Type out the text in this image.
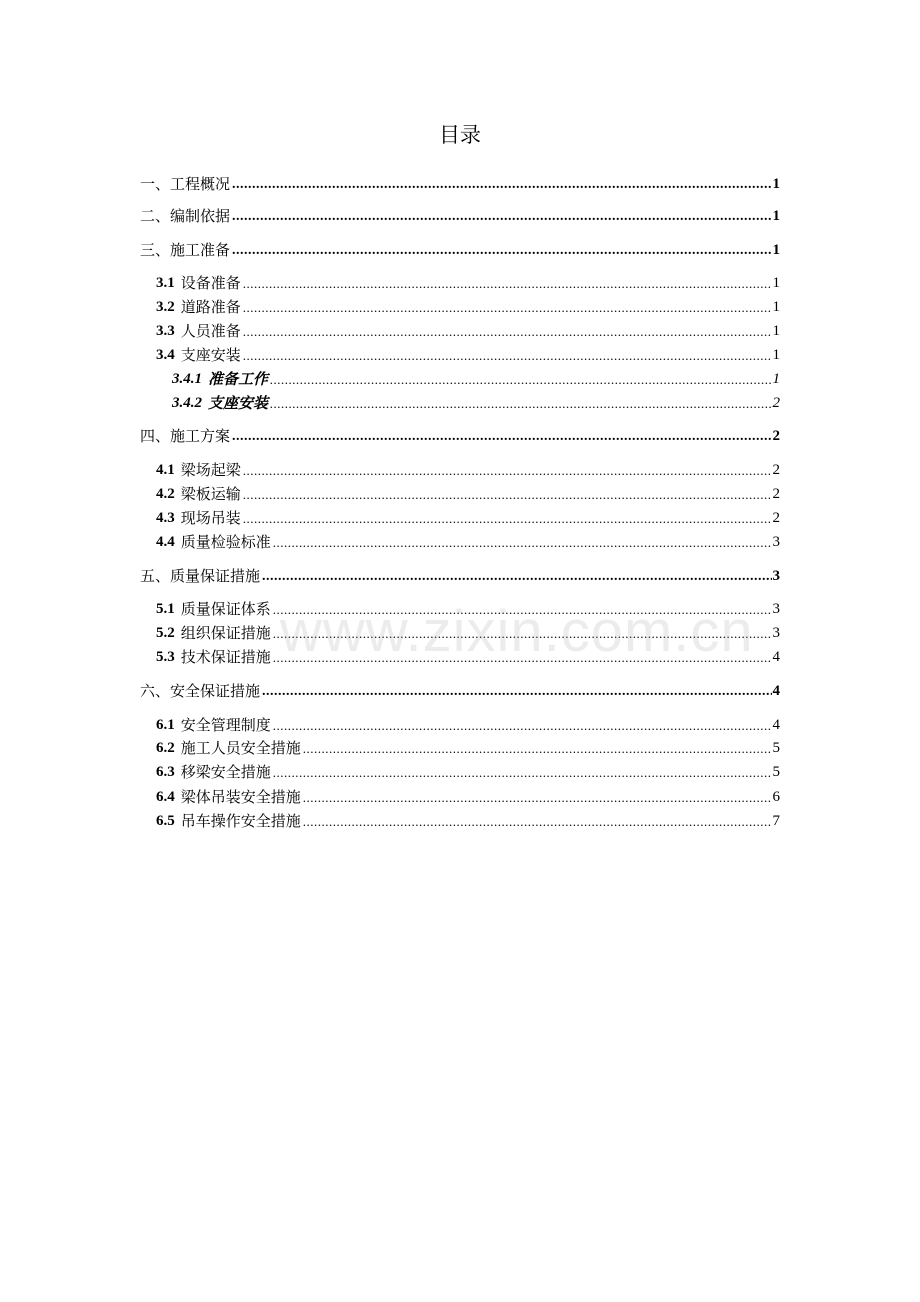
目录
一、工程概况 .....	1
二、编制依据 .....	1
三、施工准备 .....	1
3.1 设备准备 .....	1
3.2 道路准备 .....	1
3.3 人员准备 .....	1
3.4 支座安装 .....	1
3.4.1 准备工作 .....	1
3.4.2 支座安装 .....	2
四、施工方案 .....	2
4.1 梁场起梁 .....	2
4.2 梁板运输 .....	2
4.3 现场吊装 .....	2
4.4 质量检验标准 .....	3
五、质量保证措施 .....	3
5.1 质量保证体系 .....	3
5.2 组织保证措施 .....	3
5.3 技术保证措施 .....	4
六、安全保证措施 .....	4
6.1 安全管理制度 .....	4
6.2 施工人员安全措施 .....	5
6.3 移梁安全措施 .....	5
6.4 梁体吊装安全措施 .....	6
6.5 吊车操作安全措施 .....	7
www.zixin.com.cn
